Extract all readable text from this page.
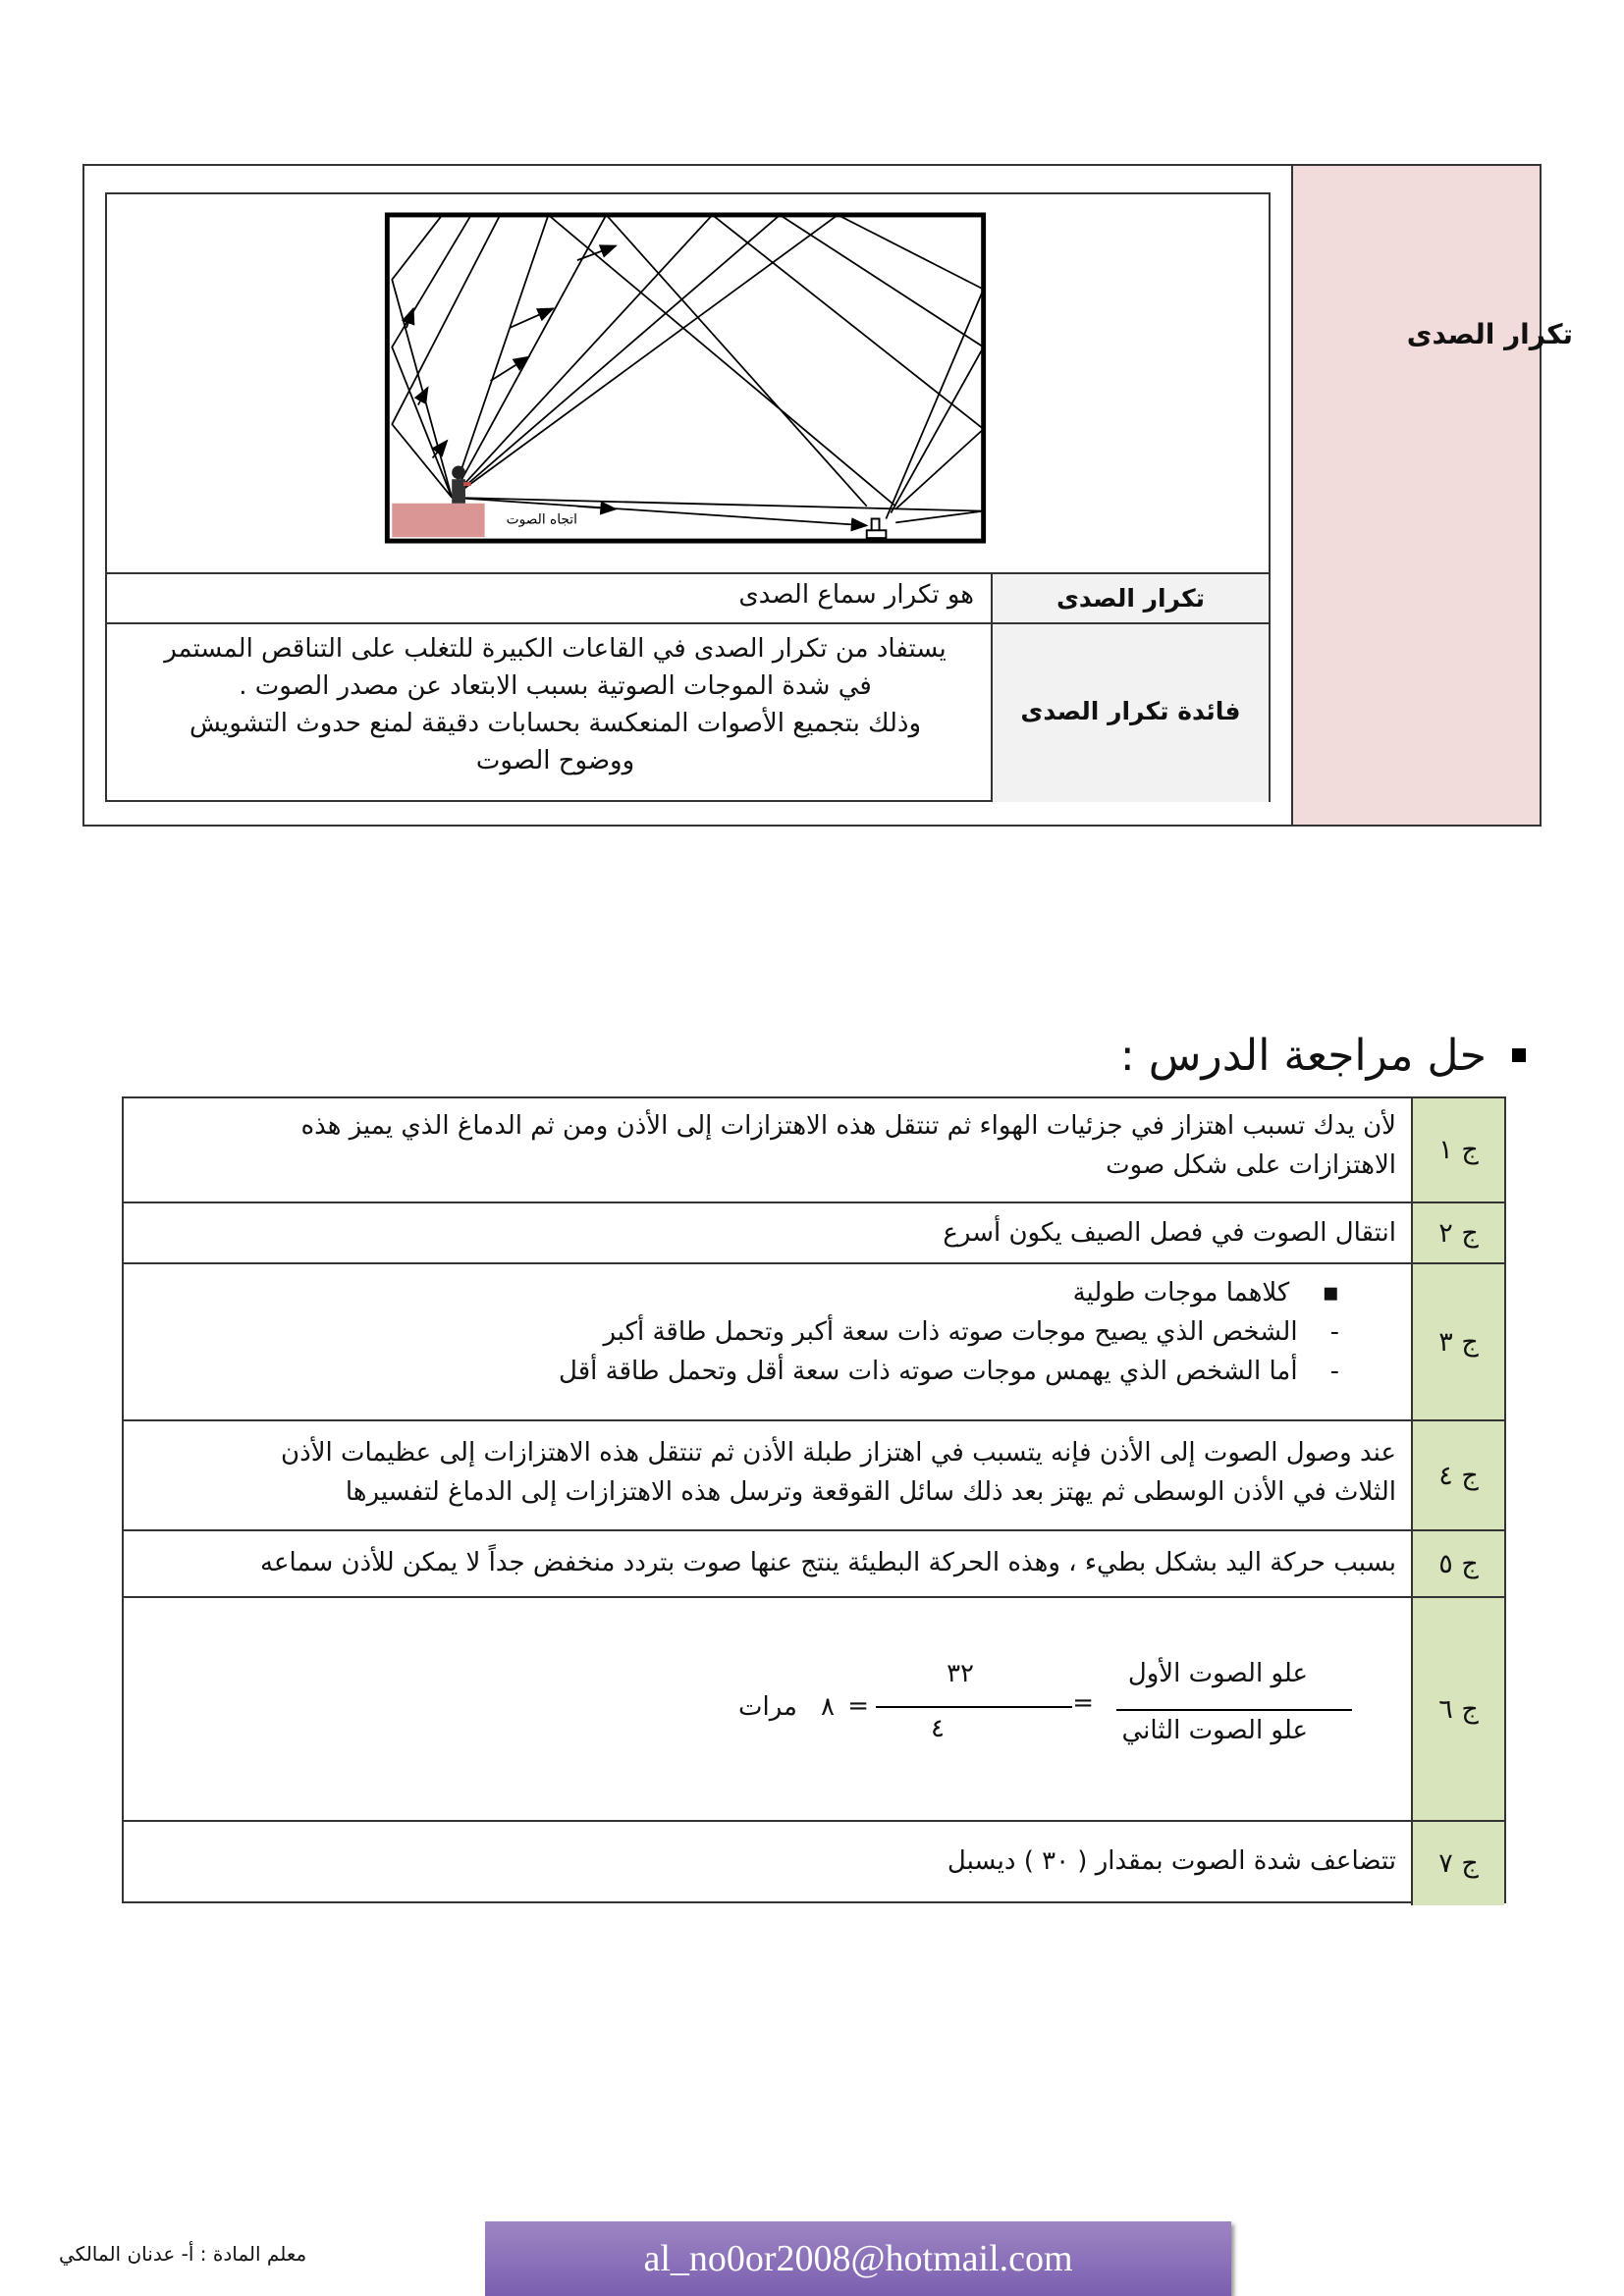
تكرار الصدى
تكرار الصدى
هو تكرار سماع الصدى
فائدة تكرار الصدى
يستفاد من تكرار الصدى في القاعات الكبيرة للتغلب على التناقص المستمر
في شدة الموجات الصوتية بسبب الابتعاد عن مصدر الصوت .
وذلك بتجميع الأصوات المنعكسة بحسابات دقيقة لمنع حدوث التشويش
ووضوح الصوت
اتجاه الصوت
حل مراجعة الدرس :
ج ١
لأن يدك تسبب اهتزاز في جزئيات الهواء ثم تنتقل هذه الاهتزازات إلى الأذن ومن ثم الدماغ الذي يميز هذه
الاهتزازات على شكل صوت
ج ٢
انتقال الصوت في فصل الصيف يكون أسرع
ج ٣
▪    كلاهما موجات طولية
-    الشخص الذي يصيح موجات صوته ذات سعة أكبر وتحمل طاقة أكبر
-    أما الشخص الذي يهمس موجات صوته ذات سعة أقل وتحمل طاقة أقل
ج ٤
عند وصول الصوت إلى الأذن فإنه يتسبب في اهتزاز طبلة الأذن ثم تنتقل هذه الاهتزازات إلى عظيمات الأذن
الثلاث في الأذن الوسطى ثم يهتز بعد ذلك سائل القوقعة وترسل هذه الاهتزازات إلى الدماغ لتفسيرها
ج ٥
بسبب حركة اليد بشكل بطيء ، وهذه الحركة البطيئة ينتج عنها صوت بتردد منخفض جداً لا يمكن للأذن سماعه
ج ٦
علو الصوت الأول
علو الصوت الثاني
=
٣٢
٤
=
٨
مرات
ج ٧
تتضاعف شدة الصوت بمقدار ( ٣٠ ) ديسبل
معلم المادة : أ- عدنان المالكي	al_no0or2008@hotmail.com
